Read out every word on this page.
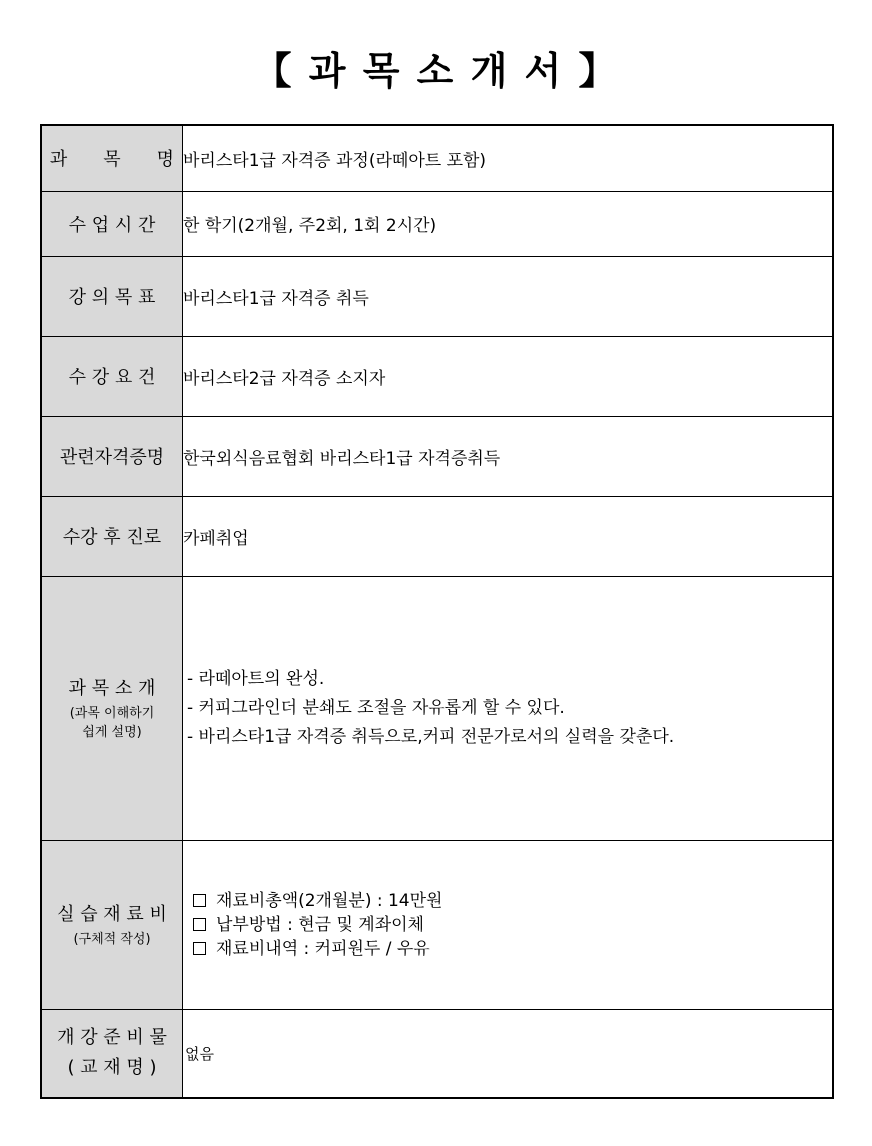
【 과 목 소 개 서 】
과　　목　　명	바리스타1급 자격증 과정(라떼아트 포함)
수 업 시 간	한 학기(2개월, 주2회, 1회 2시간)
강 의 목 표	바리스타1급 자격증 취득
수 강 요 건	바리스타2급 자격증 소지자
관련자격증명	한국외식음료협회 바리스타1급 자격증취득
수강 후 진로	카페취업
과 목 소 개
(과목 이해하기
쉽게 설명)	- 라떼아트의 완성.
- 커피그라인더 분쇄도 조절을 자유롭게 할 수 있다.
- 바리스타1급 자격증 취득으로,커피 전문가로서의 실력을 갖춘다.

실 습 재 료 비
(구체적 작성)	재료비총액(2개월분) : 14만원
납부방법 : 현금 및 계좌이체
재료비내역 : 커피원두 / 우유

개 강 준 비 물
( 교 재 명 )	없음
